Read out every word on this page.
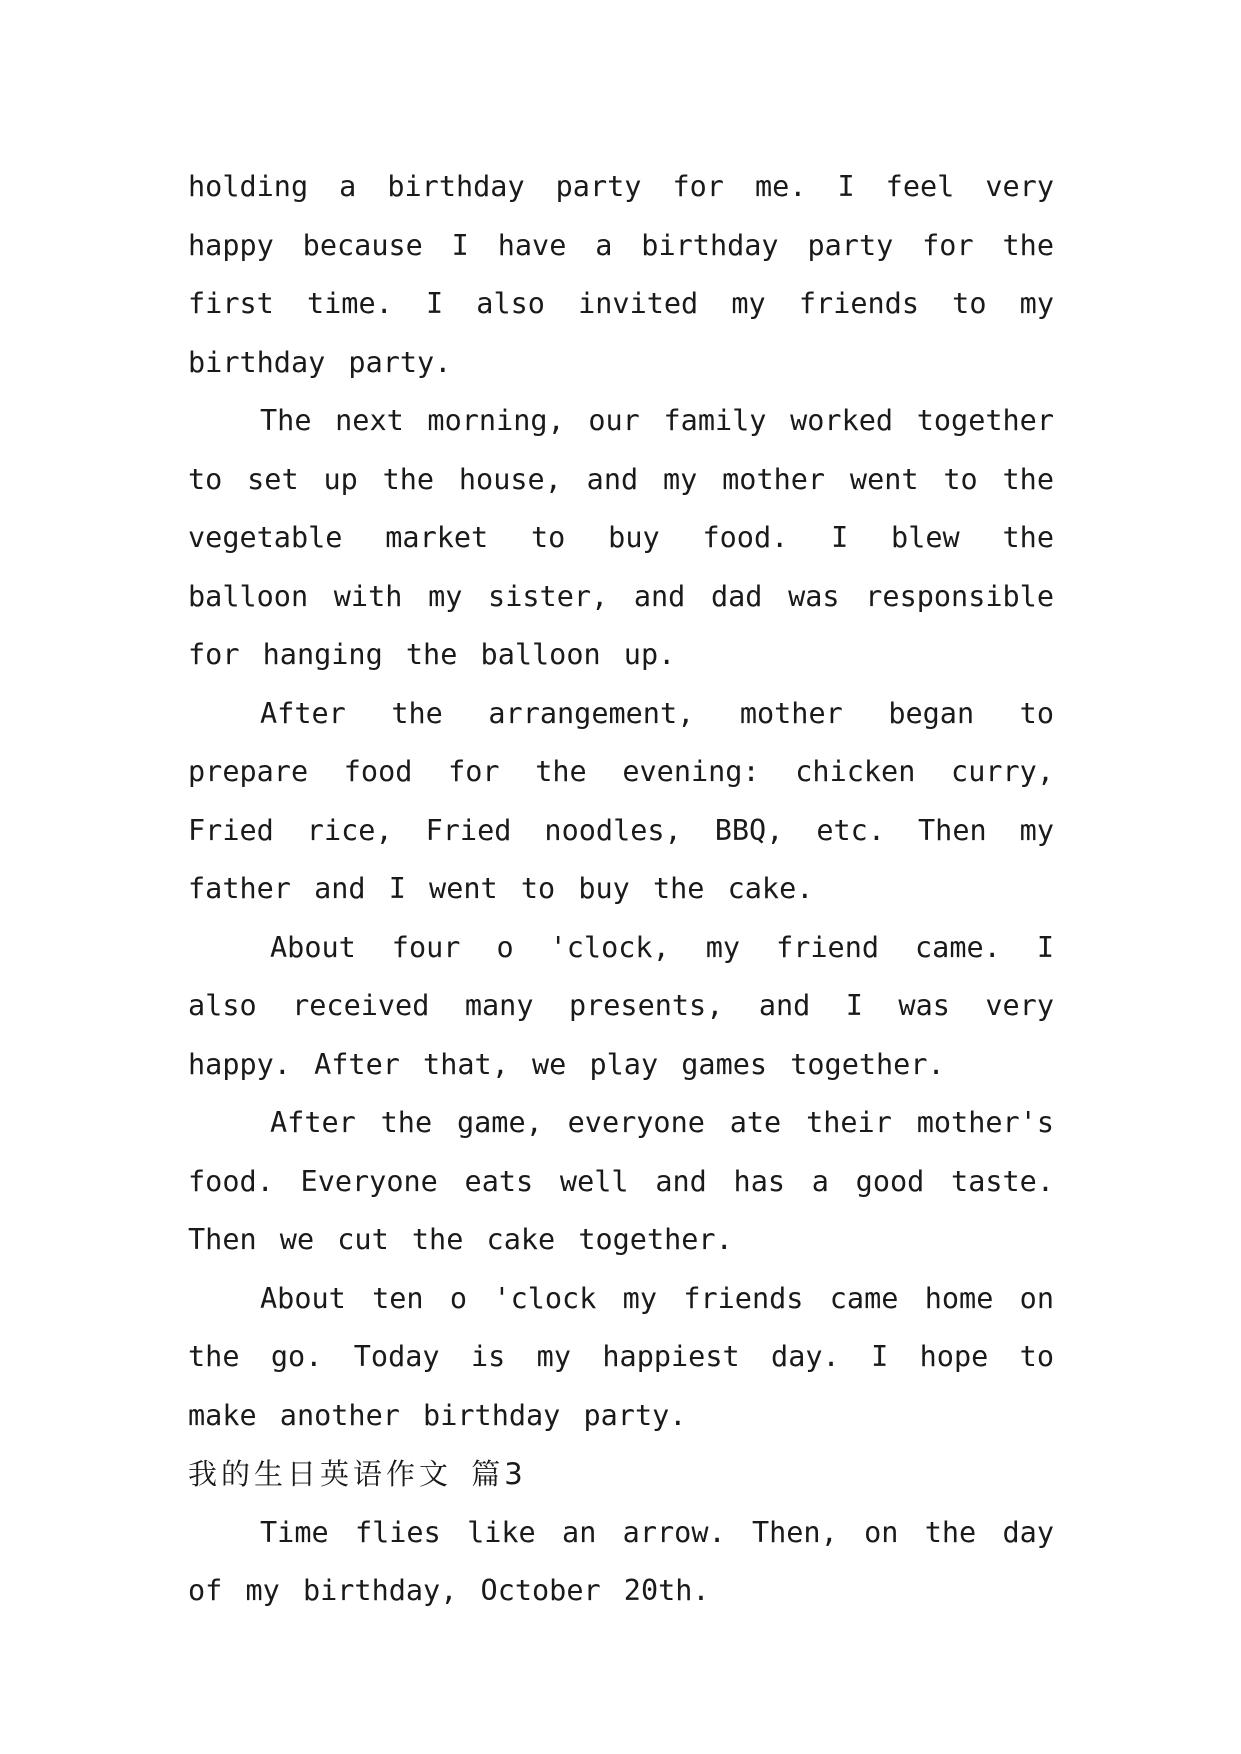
holding a birthday party for me. I feel very happy because I have a birthday party for the first time. I also invited my friends to my birthday party.

The next morning, our family worked together to set up the house, and my mother went to the vegetable market to buy food. I blew the balloon with my sister, and dad was responsible for hanging the balloon up.

After the arrangement, mother began to prepare food for the evening: chicken curry, Fried rice, Fried noodles, BBQ, etc. Then my father and I went to buy the cake.

About four o 'clock, my friend came. I also received many presents, and I was very happy. After that, we play games together.

After the game, everyone ate their mother's food. Everyone eats well and has a good taste. Then we cut the cake together.

About ten o 'clock my friends came home on the go. Today is my happiest day. I hope to make another birthday party.

我的生日英语作文 篇3

Time flies like an arrow. Then, on the day of my birthday, October 20th.
